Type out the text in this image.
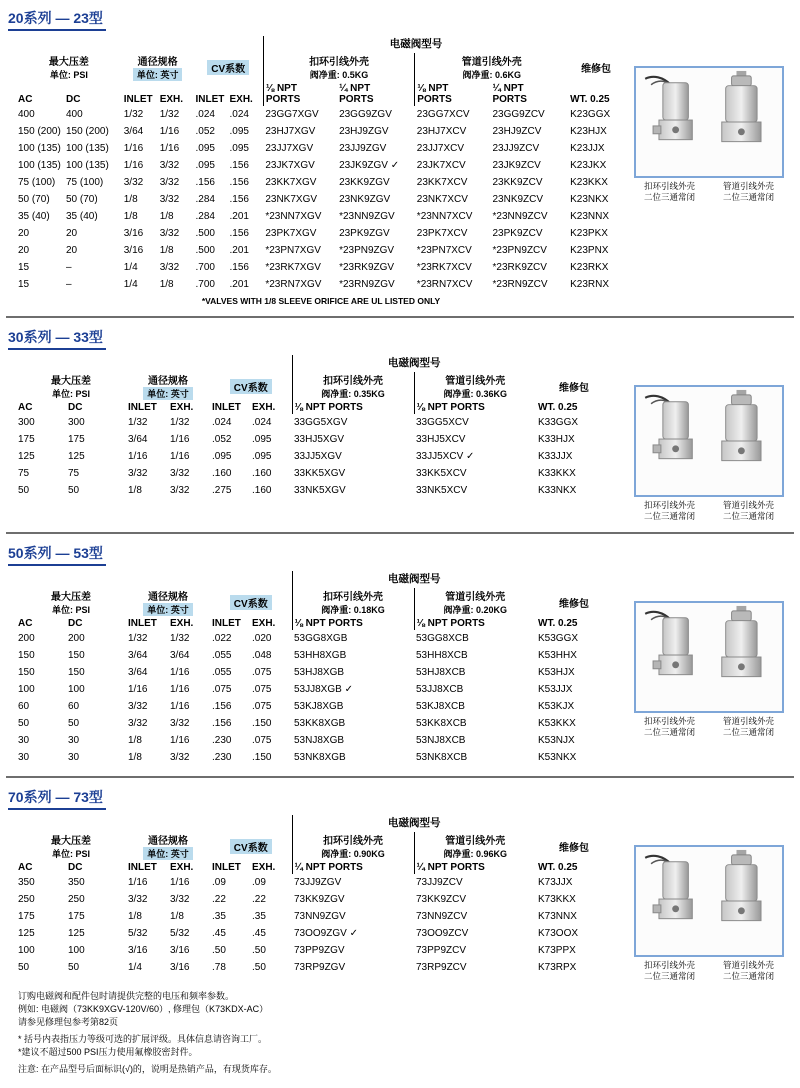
20系列 — 23型
						电磁阀型号				

最大压差
单位: PSI		通径规格
单位: 英寸		CV系数		扣环引线外壳
阀净重: 0.5KG		管道引线外壳
阀净重: 0.6KG		维修包

AC	DC	INLET	EXH.	INLET	EXH.	⅛ NPT
PORTS	¼ NPT
PORTS	⅛ NPT
PORTS	¼ NPT
PORTS	WT. 0.25
400	400	1/32	1/32	.024	.024	23GG7XGV	23GG9ZGV	23GG7XCV	23GG9ZCV	K23GGX
150 (200)	150 (200)	3/64	1/16	.052	.095	23HJ7XGV	23HJ9ZGV	23HJ7XCV	23HJ9ZCV	K23HJX
100 (135)	100 (135)	1/16	1/16	.095	.095	23JJ7XGV	23JJ9ZGV	23JJ7XCV	23JJ9ZCV	K23JJX
100 (135)	100 (135)	1/16	3/32	.095	.156	23JK7XGV	23JK9ZGV ✓	23JK7XCV	23JK9ZCV	K23JKX
75 (100)	75 (100)	3/32	3/32	.156	.156	23KK7XGV	23KK9ZGV	23KK7XCV	23KK9ZCV	K23KKX
50 (70)	50 (70)	1/8	3/32	.284	.156	23NK7XGV	23NK9ZGV	23NK7XCV	23NK9ZCV	K23NKX
35 (40)	35 (40)	1/8	1/8	.284	.201	*23NN7XGV	*23NN9ZGV	*23NN7XCV	*23NN9ZCV	K23NNX
20	20	3/16	3/32	.500	.156	23PK7XGV	23PK9ZGV	23PK7XCV	23PK9ZCV	K23PKX
20	20	3/16	1/8	.500	.201	*23PN7XGV	*23PN9ZGV	*23PN7XCV	*23PN9ZCV	K23PNX
15	–	1/4	3/32	.700	.156	*23RK7XGV	*23RK9ZGV	*23RK7XCV	*23RK9ZCV	K23RKX
15	–	1/4	1/8	.700	.201	*23RN7XGV	*23RN9ZGV	*23RN7XCV	*23RN9ZCV	K23RNX
扣环引线外壳
二位三通常闭
管道引线外壳
二位三通常闭
*VALVES WITH 1/8 SLEEVE ORIFICE ARE UL LISTED ONLY
30系列 — 33型
						电磁阀型号		

最大压差
单位: PSI		通径规格
单位: 英寸		CV系数		扣环引线外壳
阀净重: 0.35KG	管道引线外壳
阀净重: 0.36KG	维修包

AC	DC	INLET	EXH.	INLET	EXH.	⅛ NPT PORTS	⅛ NPT PORTS	WT. 0.25
300	300	1/32	1/32	.024	.024	33GG5XGV	33GG5XCV	K33GGX
175	175	3/64	1/16	.052	.095	33HJ5XGV	33HJ5XCV	K33HJX
125	125	1/16	1/16	.095	.095	33JJ5XGV	33JJ5XCV ✓	K33JJX
75	75	3/32	3/32	.160	.160	33KK5XGV	33KK5XCV	K33KKX
50	50	1/8	3/32	.275	.160	33NK5XGV	33NK5XCV	K33NKX
扣环引线外壳
二位三通常闭
管道引线外壳
二位三通常闭
50系列 — 53型
						电磁阀型号		

最大压差
单位: PSI		通径规格
单位: 英寸		CV系数		扣环引线外壳
阀净重: 0.18KG	管道引线外壳
阀净重: 0.20KG	维修包

AC	DC	INLET	EXH.	INLET	EXH.	⅛ NPT PORTS	⅛ NPT PORTS	WT. 0.25
200	200	1/32	1/32	.022	.020	53GG8XGB	53GG8XCB	K53GGX
150	150	3/64	3/64	.055	.048	53HH8XGB	53HH8XCB	K53HHX
150	150	3/64	1/16	.055	.075	53HJ8XGB	53HJ8XCB	K53HJX
100	100	1/16	1/16	.075	.075	53JJ8XGB ✓	53JJ8XCB	K53JJX
60	60	3/32	1/16	.156	.075	53KJ8XGB	53KJ8XCB	K53KJX
50	50	3/32	3/32	.156	.150	53KK8XGB	53KK8XCB	K53KKX
30	30	1/8	1/16	.230	.075	53NJ8XGB	53NJ8XCB	K53NJX
30	30	1/8	3/32	.230	.150	53NK8XGB	53NK8XCB	K53NKX
扣环引线外壳
二位三通常闭
管道引线外壳
二位三通常闭
70系列 — 73型
						电磁阀型号		

最大压差
单位: PSI		通径规格
单位: 英寸		CV系数		扣环引线外壳
阀净重: 0.90KG	管道引线外壳
阀净重: 0.96KG	维修包

AC	DC	INLET	EXH.	INLET	EXH.	¼ NPT PORTS	¼ NPT PORTS	WT. 0.25
350	350	1/16	1/16	.09	.09	73JJ9ZGV	73JJ9ZCV	K73JJX
250	250	3/32	3/32	.22	.22	73KK9ZGV	73KK9ZCV	K73KKX
175	175	1/8	1/8	.35	.35	73NN9ZGV	73NN9ZCV	K73NNX
125	125	5/32	5/32	.45	.45	73OO9ZGV ✓	73OO9ZCV	K73OOX
100	100	3/16	3/16	.50	.50	73PP9ZGV	73PP9ZCV	K73PPX
50	50	1/4	3/16	.78	.50	73RP9ZGV	73RP9ZCV	K73RPX	扣环引线外壳
二位三通常闭
管道引线外壳
二位三通常闭

订购电磁阀和配件包时请提供完整的电压和频率参数。

例如: 电磁阀（73KK9XGV-120V/60）, 修理包（K73KDX-AC）

请参见修理包参考第82页

* 括号内表指压力等级可选的扩展评级。具体信息请咨询工厂。

*建议不超过500 PSI压力使用氟橡胶密封件。

注意: 在产品型号后面标识(√)的，说明是热销产品，有现货库存。
